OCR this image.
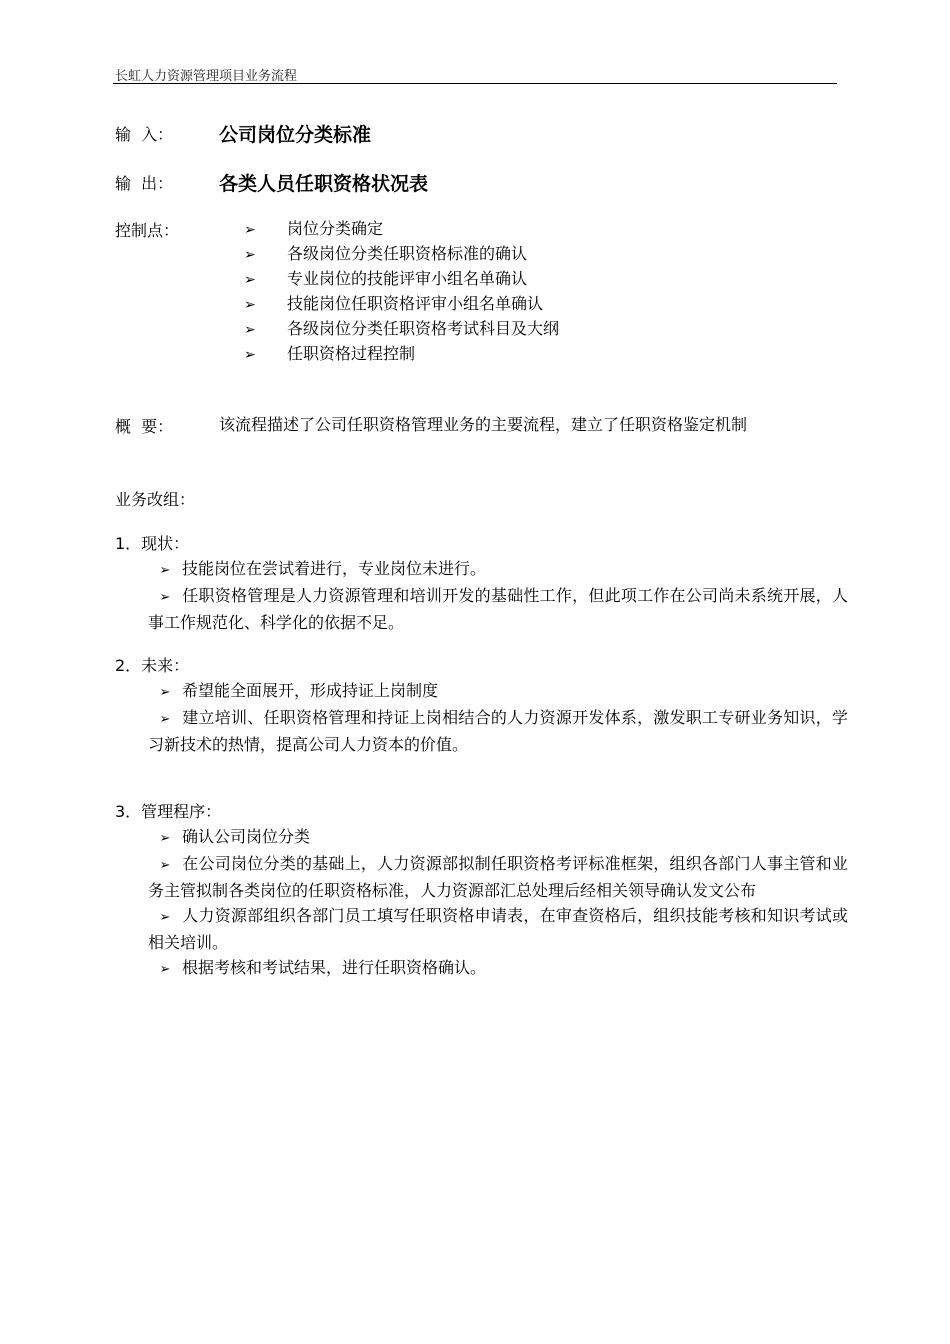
长虹人力资源管理项目业务流程
输  入： 公司岗位分类标准
输  出： 各类人员任职资格状况表
控制点：	➢ 岗位分类确定
➢ 各级岗位分类任职资格标准的确认
➢ 专业岗位的技能评审小组名单确认
➢ 技能岗位任职资格评审小组名单确认
➢ 各级岗位分类任职资格考试科目及大纲
➢ 任职资格过程控制
概  要：	该流程描述了公司任职资格管理业务的主要流程，建立了任职资格鉴定机制
业务改组：
1．现状：
➢ 技能岗位在尝试着进行，专业岗位未进行。
➢ 任职资格管理是人力资源管理和培训开发的基础性工作，但此项工作在公司尚未系统开展，人事工作规范化、科学化的依据不足。
2．未来：
➢ 希望能全面展开，形成持证上岗制度
➢ 建立培训、任职资格管理和持证上岗相结合的人力资源开发体系，激发职工专研业务知识，学习新技术的热情，提高公司人力资本的价值。
3．管理程序：
➢ 确认公司岗位分类
➢ 在公司岗位分类的基础上，人力资源部拟制任职资格考评标准框架，组织各部门人事主管和业务主管拟制各类岗位的任职资格标准，人力资源部汇总处理后经相关领导确认发文公布
➢ 人力资源部组织各部门员工填写任职资格申请表，在审查资格后，组织技能考核和知识考试或相关培训。
➢ 根据考核和考试结果，进行任职资格确认。
